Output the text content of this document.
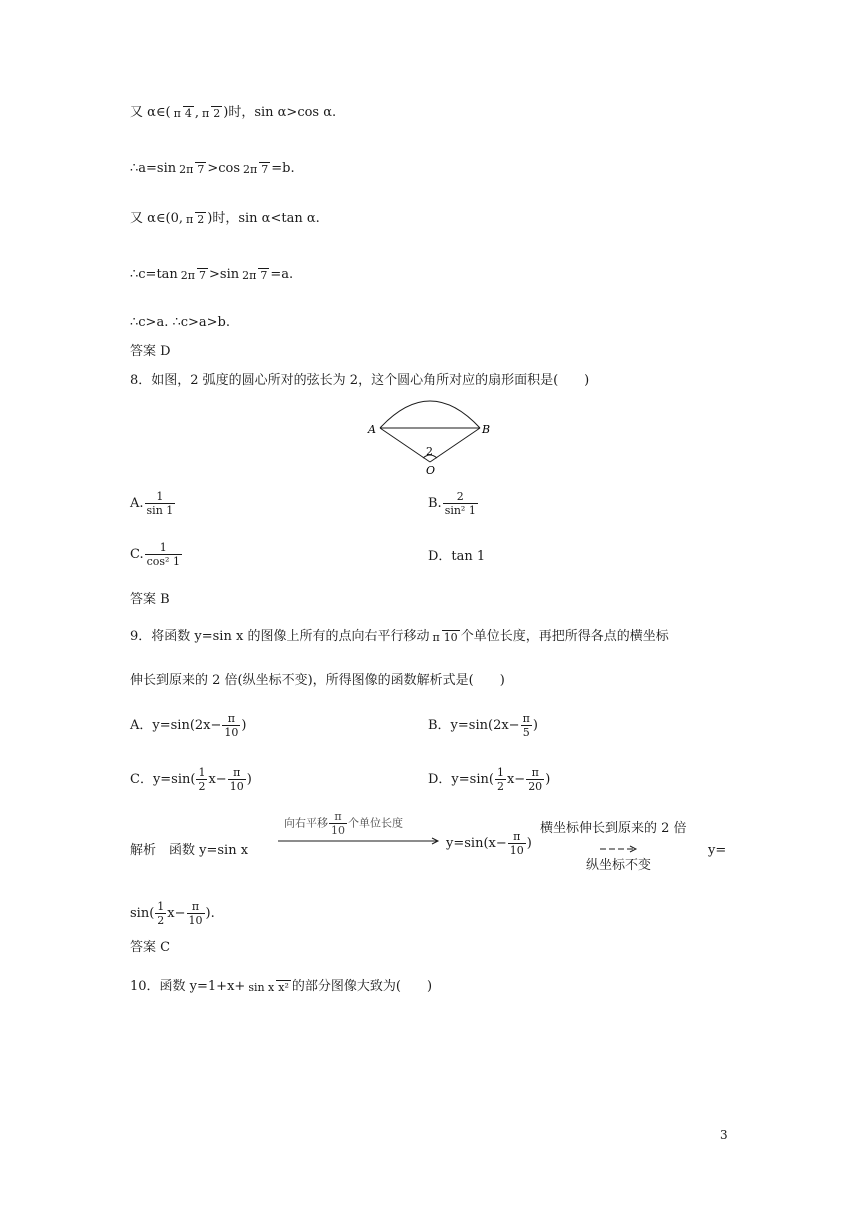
又 α∈( π 4 , π 2 )时，sin α>cos α.
∴a=sin 2π 7 >cos 2π 7 =b.
又 α∈(0, π 2 )时，sin α<tan α.
∴c=tan 2π 7 >sin 2π 7 =a.
∴c>a. ∴c>a>b.
答案 D
8．如图，2 弧度的圆心所对的弦长为 2，这个圆心角所对应的扇形面积是(　　)
A	B
O
2
A. $\frac{1}{\sin 1}$	B. $\frac{2}{\text{sin² 1}}$
C. $\frac{1}{\text{cos² 1}}$	D．tan 1
答案 B
9．将函数 y=sin x 的图像上所有的点向右平行移动 π 10 个单位长度，再把所得各点的横坐标
伸长到原来的 2 倍(纵坐标不变)，所得图像的函数解析式是(　　)
A．$y=\sin(2x- \frac{\pi}{10}$ )	B．$y=\sin(2x- \frac{\pi}{5}$ )
C．$y=\sin( \frac{1}{2} x- \frac{\pi}{10}$ )	D．$y=\sin( \frac{1}{2} x- \frac{\pi}{20}$ )
解析　函数 y=sin x
向右平移 $\frac{\pi}{10}$ 个单位长度
$y=\sin(x- \frac{\pi}{10}$ )
横坐标伸长到原来的 2 倍
纵坐标不变
y=
$\sin( \frac{1}{2} x- \frac{\pi}{10}$ ).
答案 C
10．函数 y=1+x+ sin x x² 的部分图像大致为(　　)
3
